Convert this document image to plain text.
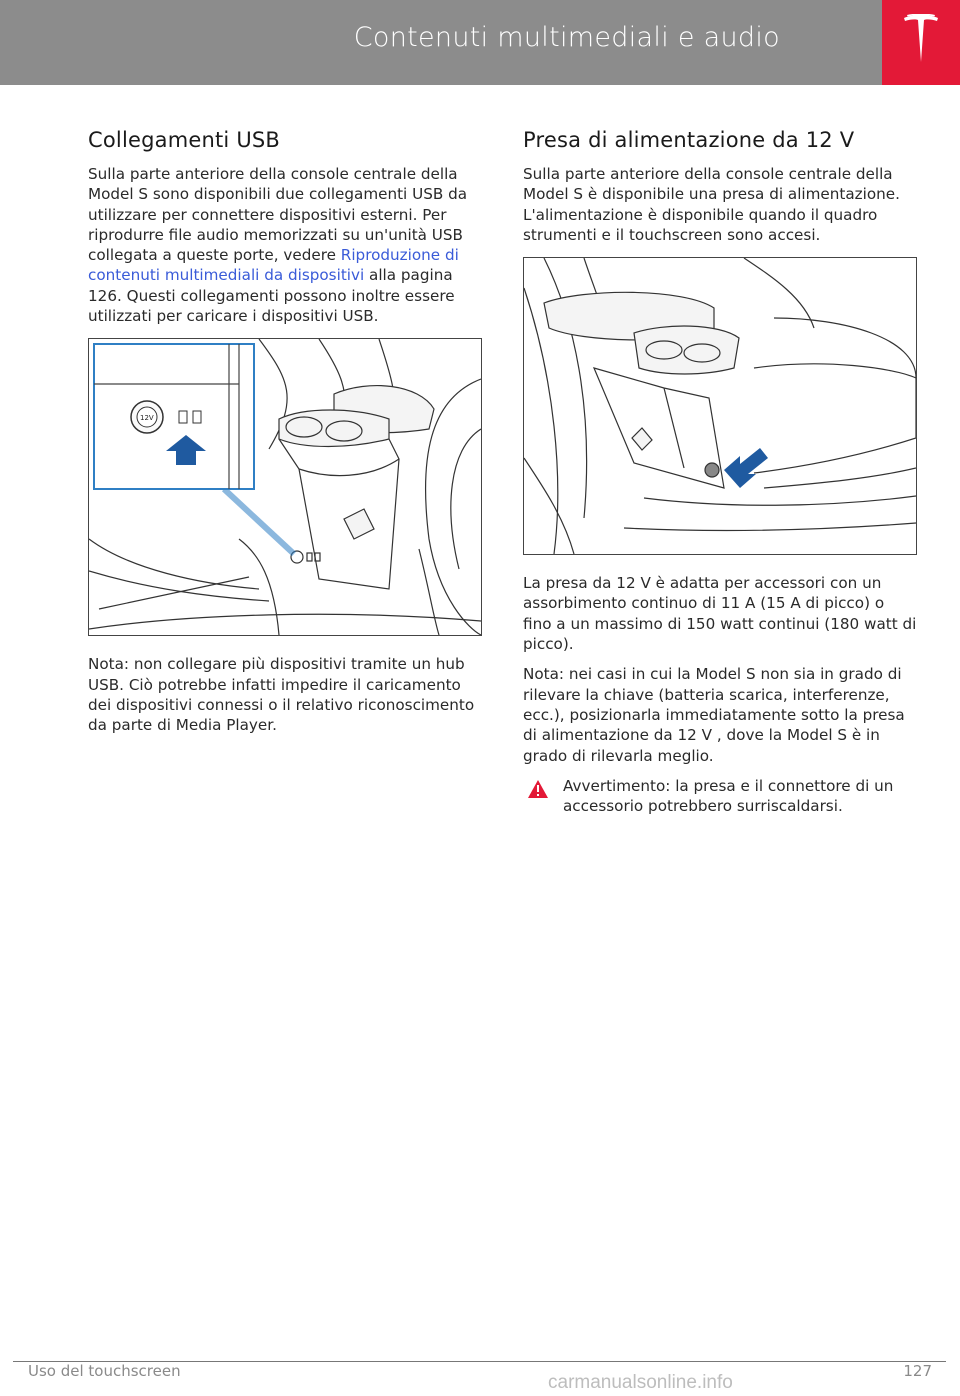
Contenuti multimediali e audio
Collegamenti USB

Sulla parte anteriore della console centrale della Model S sono disponibili due collegamenti USB da utilizzare per connettere dispositivi esterni. Per riprodurre file audio memorizzati su un'unità USB collegata a queste porte, vedere Riproduzione di contenuti multimediali da dispositivi alla pagina 126. Questi collegamenti possono inoltre essere utilizzati per caricare i dispositivi USB.

12V

Nota: non collegare più dispositivi tramite un hub USB. Ciò potrebbe infatti impedire il caricamento dei dispositivi connessi o il relativo riconoscimento da parte di Media Player.

Presa di alimentazione da 12 V

Sulla parte anteriore della console centrale della Model S è disponibile una presa di alimentazione. L'alimentazione è disponibile quando il quadro strumenti e il touchscreen sono accesi.

La presa da 12 V è adatta per accessori con un assorbimento continuo di 11 A (15 A di picco) o fino a un massimo di 150 watt continui (180 watt di picco).

Nota: nei casi in cui la Model S non sia in grado di rilevare la chiave (batteria scarica, interferenze, ecc.), posizionarla immediatamente sotto la presa di alimentazione da 12 V , dove la Model S è in grado di rilevarla meglio.

Avvertimento: la presa e il connettore di un accessorio potrebbero surriscaldarsi.

Uso del touchscreen	127
carmanualsonline.info
